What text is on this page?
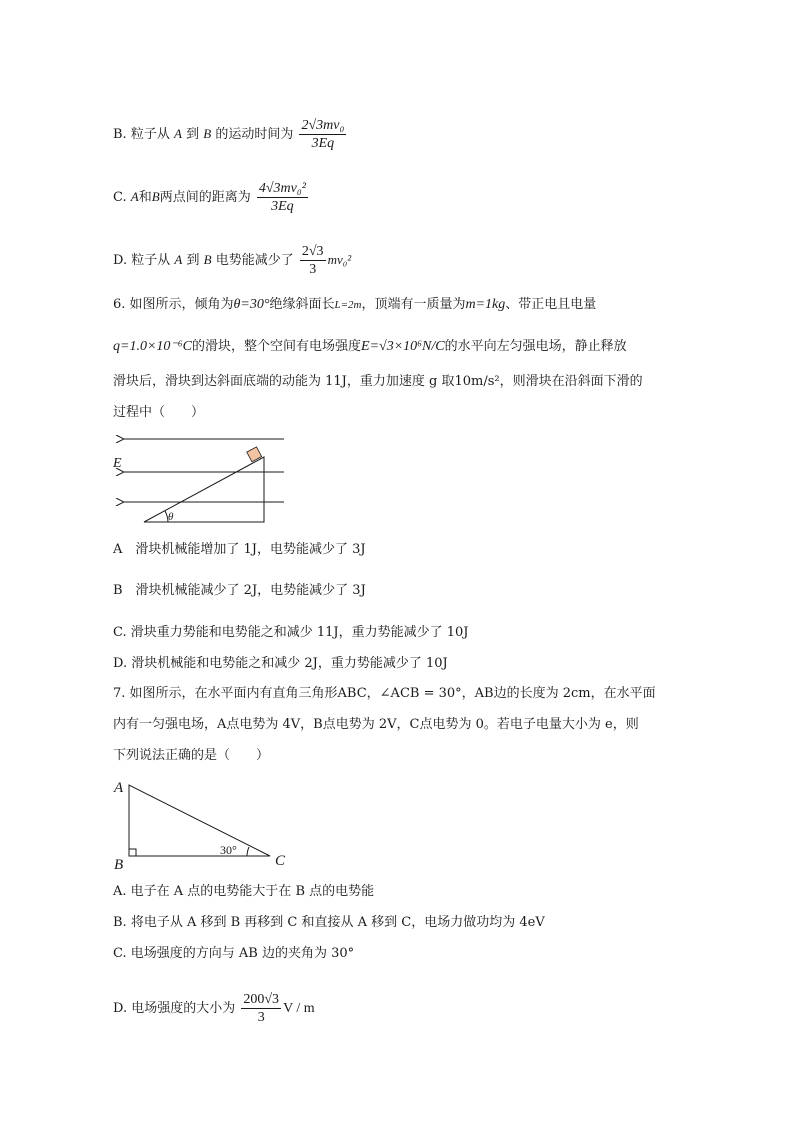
B. 粒子从 A 到 B 的运动时间为 $\frac{\text{2√3mv₀}}{3Eq}$
C. A和B两点间的距离为 $\frac{\text{4√3mv₀²}}{3Eq}$
D. 粒子从 A 到 B 电势能减少了 $\frac{2√3}{3} mv_0^2$
6. 如图所示，倾角为θ=30°绝缘斜面长L=2m，顶端有一质量为m=1kg、带正电且电量
q=1.0×10⁻⁶C的滑块，整个空间有电场强度E=√3×10⁶N/C的水平向左匀强电场，静止释放
滑块后，滑块到达斜面底端的动能为 11J，重力加速度 g 取10m/s²，则滑块在沿斜面下滑的
过程中（　　）
E
θ
A　滑块机械能增加了 1J，电势能减少了 3J
B　滑块机械能减少了 2J，电势能减少了 3J
C. 滑块重力势能和电势能之和减少 11J，重力势能减少了 10J
D. 滑块机械能和电势能之和减少 2J，重力势能减少了 10J
7. 如图所示，在水平面内有直角三角形ABC，∠ACB = 30°，AB边的长度为 2cm，在水平面
内有一匀强电场，A点电势为 4V，B点电势为 2V，C点电势为 0。若电子电量大小为 e，则
下列说法正确的是（　　）
A
B	C
30°
A. 电子在 A 点的电势能大于在 B 点的电势能
B. 将电子从 A 移到 B 再移到 C 和直接从 A 移到 C，电场力做功均为 4eV
C. 电场强度的方向与 AB 边的夹角为 30°
D. 电场强度的大小为 $\frac{200√3}{3}$ V / m
